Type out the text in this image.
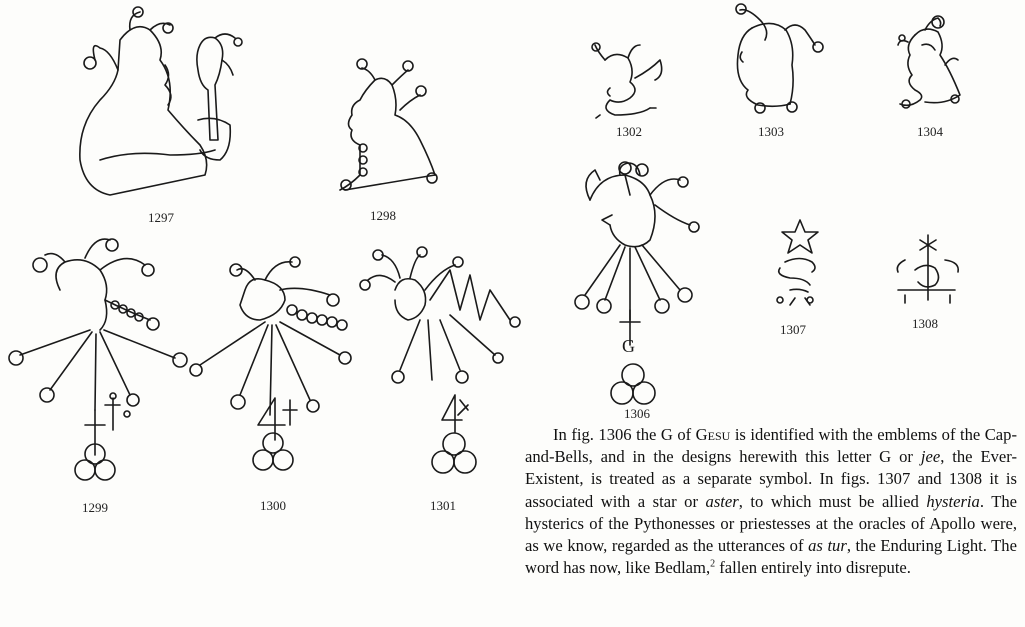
G
1297	1298
1299	1300	1301
1302	1303	1304
1306
1307	1308

In fig. 1306 the G of Gesu is identified with the emblems of the Cap-and-Bells, and in the designs herewith this letter G or jee, the Ever-Existent, is treated as a separate symbol. In figs. 1307 and 1308 it is associated with a star or aster, to which must be allied hysteria. The hysterics of the Pythonesses or priestesses at the oracles of Apollo were, as we know, regarded as the utterances of as tur, the Enduring Light. The word has now, like Bedlam,$^2$ fallen entirely into disrepute.
